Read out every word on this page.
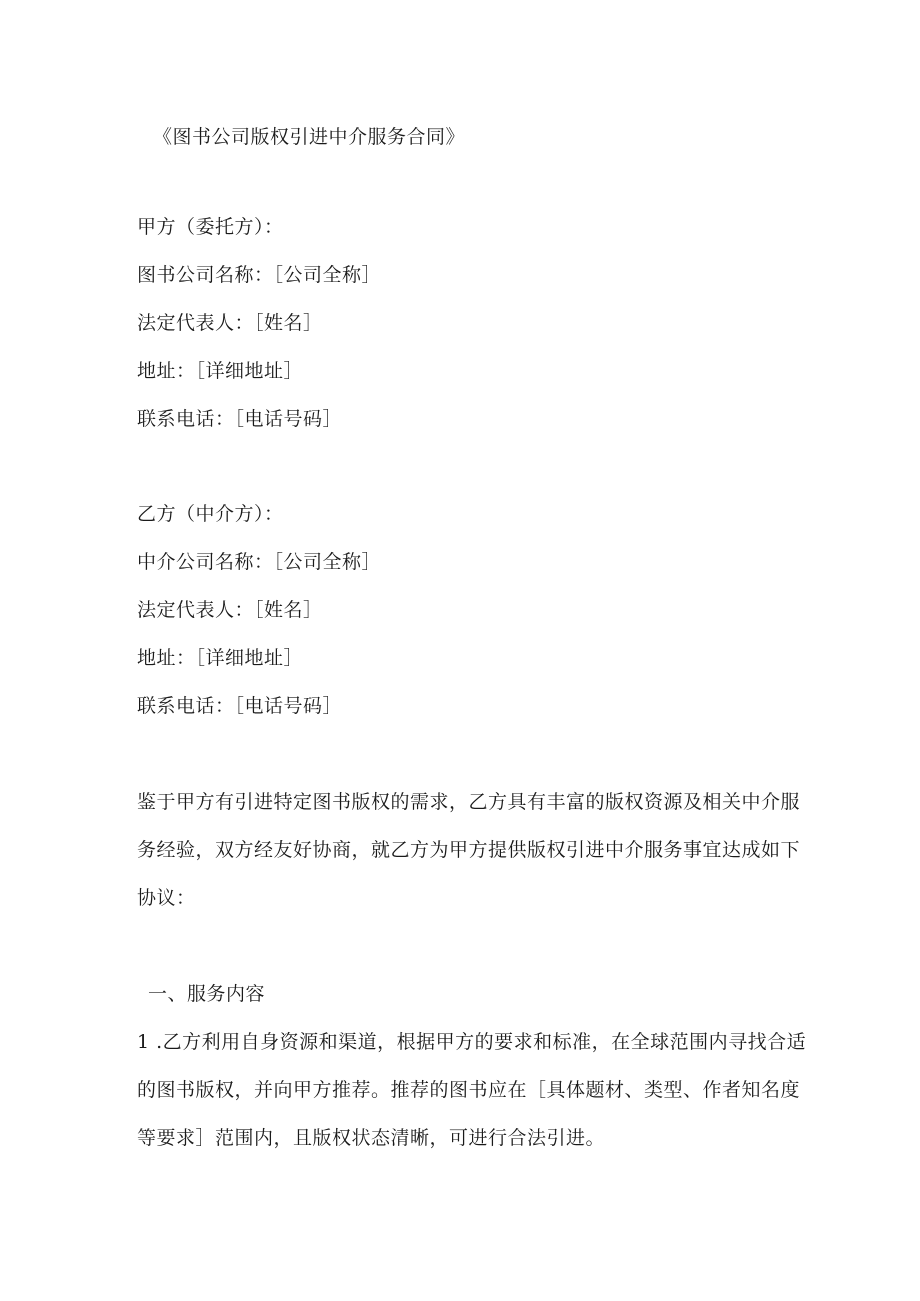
《图书公司版权引进中介服务合同》

甲方（委托方）：

图书公司名称：［公司全称］

法定代表人：［姓名］

地址：［详细地址］

联系电话：［电话号码］

乙方（中介方）：

中介公司名称：［公司全称］

法定代表人：［姓名］

地址：［详细地址］

联系电话：［电话号码］

鉴于甲方有引进特定图书版权的需求，乙方具有丰富的版权资源及相关中介服

务经验，双方经友好协商，就乙方为甲方提供版权引进中介服务事宜达成如下

协议：

一、服务内容

1 .乙方利用自身资源和渠道，根据甲方的要求和标准，在全球范围内寻找合适

的图书版权，并向甲方推荐。推荐的图书应在［具体题材、类型、作者知名度

等要求］范围内，且版权状态清晰，可进行合法引进。
